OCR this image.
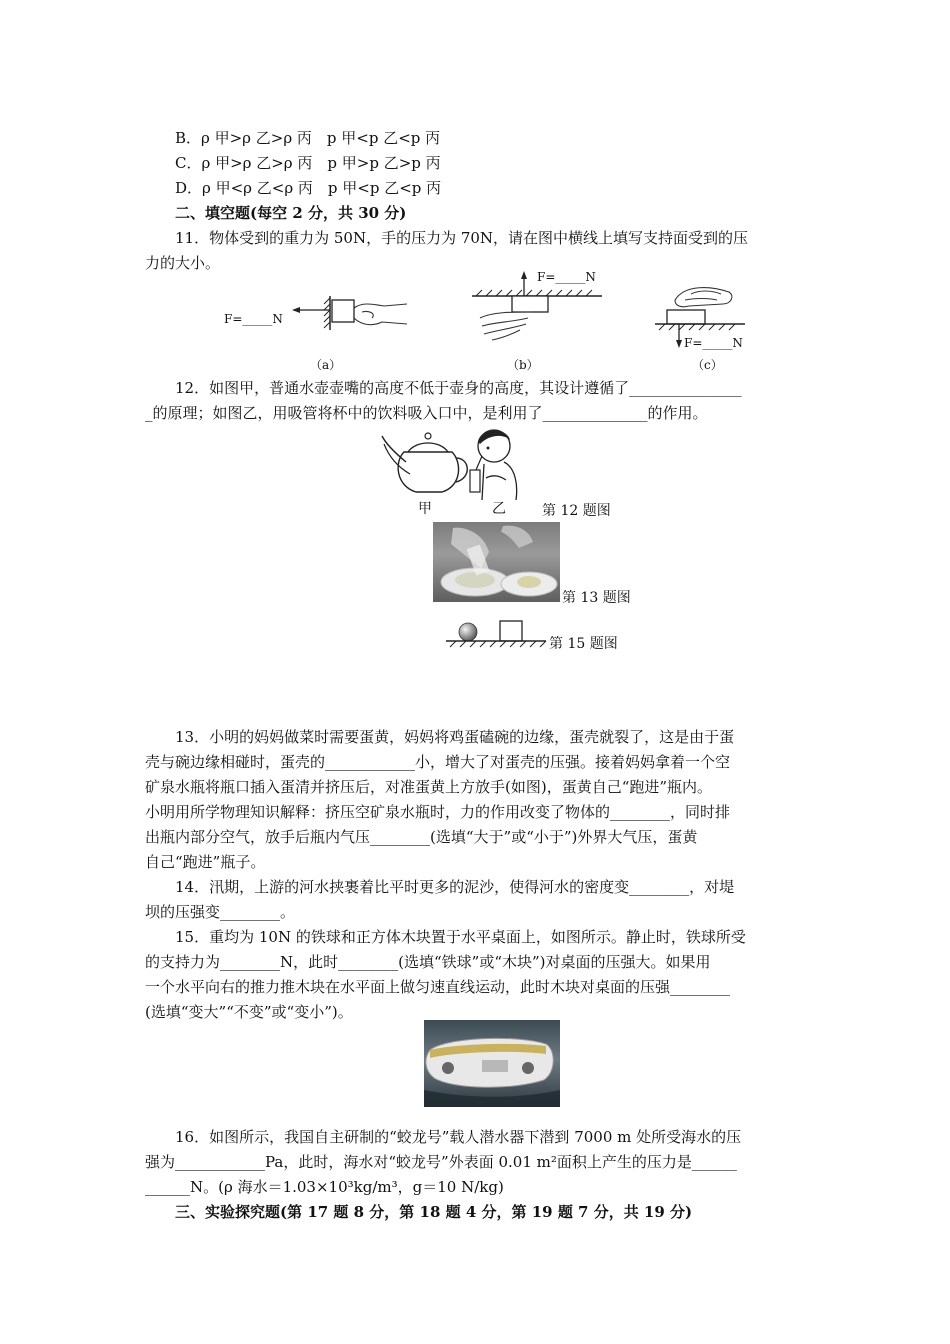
B．ρ 甲>ρ 乙>ρ 丙　p 甲<p 乙<p 丙
C．ρ 甲>ρ 乙>ρ 丙　p 甲>p 乙>p 丙
D．ρ 甲<ρ 乙<ρ 丙　p 甲<p 乙<p 丙
二、填空题(每空 2 分，共 30 分)
11．物体受到的重力为 50N，手的压力为 70N，请在图中横线上填写支持面受到的压
力的大小。
F=_____N
（a）
F=_____N
（b）
F=_____N
（c）
12．如图甲，普通水壶壶嘴的高度不低于壶身的高度，其设计遵循了_______________
_的原理；如图乙，用吸管将杯中的饮料吸入口中，是利用了______________的作用。
甲	乙	第 12 题图
第 13 题图
第 15 题图
13．小明的妈妈做菜时需要蛋黄，妈妈将鸡蛋磕碗的边缘，蛋壳就裂了，这是由于蛋
壳与碗边缘相碰时，蛋壳的____________小，增大了对蛋壳的压强。接着妈妈拿着一个空
矿泉水瓶将瓶口插入蛋清并挤压后，对准蛋黄上方放手(如图)，蛋黄自己“跑进”瓶内。
小明用所学物理知识解释：挤压空矿泉水瓶时，力的作用改变了物体的________，同时排
出瓶内部分空气，放手后瓶内气压________(选填“大于”或“小于”)外界大气压，蛋黄
自己“跑进”瓶子。
14．汛期，上游的河水挟裹着比平时更多的泥沙，使得河水的密度变________，对堤
坝的压强变________。
15．重均为 10N 的铁球和正方体木块置于水平桌面上，如图所示。静止时，铁球所受
的支持力为________N，此时________(选填“铁球”或“木块”)对桌面的压强大。如果用
一个水平向右的推力推木块在水平面上做匀速直线运动，此时木块对桌面的压强________
(选填“变大”“不变”或“变小”)。
16．如图所示，我国自主研制的“蛟龙号”载人潜水器下潜到 7000 m 处所受海水的压
强为____________Pa，此时，海水对“蛟龙号”外表面 0.01 m²面积上产生的压力是______
______N。(ρ 海水＝1.03×10³kg/m³，g＝10 N/kg)
三、实验探究题(第 17 题 8 分，第 18 题 4 分，第 19 题 7 分，共 19 分)
